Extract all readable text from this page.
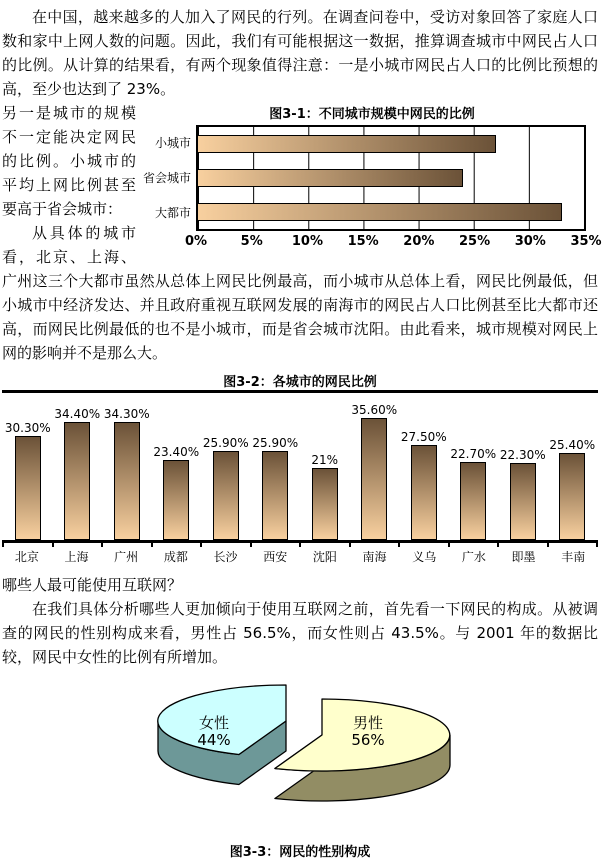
在中国，越来越多的人加入了网民的行列。在调查问卷中，受访对象回答了家庭人口数和家中上网人数的问题。因此，我们有可能根据这一数据，推算调查城市中网民占人口的比例。从计算的结果看，有两个现象值得注意：一是小城市网民占人口的比例比预想的高，至少也达到了 23%。

图3-1：不同城市规模中网民的比例
小城市
省会城市
大都市
0%	5% 10% 15% 20% 25% 30% 35%

另一是城市的规模不一定能决定网民的比例。小城市的平均上网比例甚至要高于省会城市：

从具体的城市看，北京、上海、广州这三个大都市虽然从总体上网民比例最高，而小城市从总体上看，网民比例最低，但小城市中经济发达、并且政府重视互联网发展的南海市的网民占人口比例甚至比大都市还高，而网民比例最低的也不是小城市，而是省会城市沈阳。由此看来，城市规模对网民上网的影响并不是那么大。

图3-2：各城市的网民比例
30.30%
34.40% 34.30%
23.40%
25.90% 25.90%
21%
35.60%
27.50%
22.70% 22.30%
25.40%
北京	上海	广州	成都	长沙	西安	沈阳	南海	义乌	广水	即墨	丰南

哪些人最可能使用互联网？

在我们具体分析哪些人更加倾向于使用互联网之前，首先看一下网民的构成。从被调查的网民的性别构成来看，男性占 56.5%，而女性则占 43.5%。与 2001 年的数据比较，网民中女性的比例有所增加。

女性
44%
男性
56%
图3-3：网民的性别构成
